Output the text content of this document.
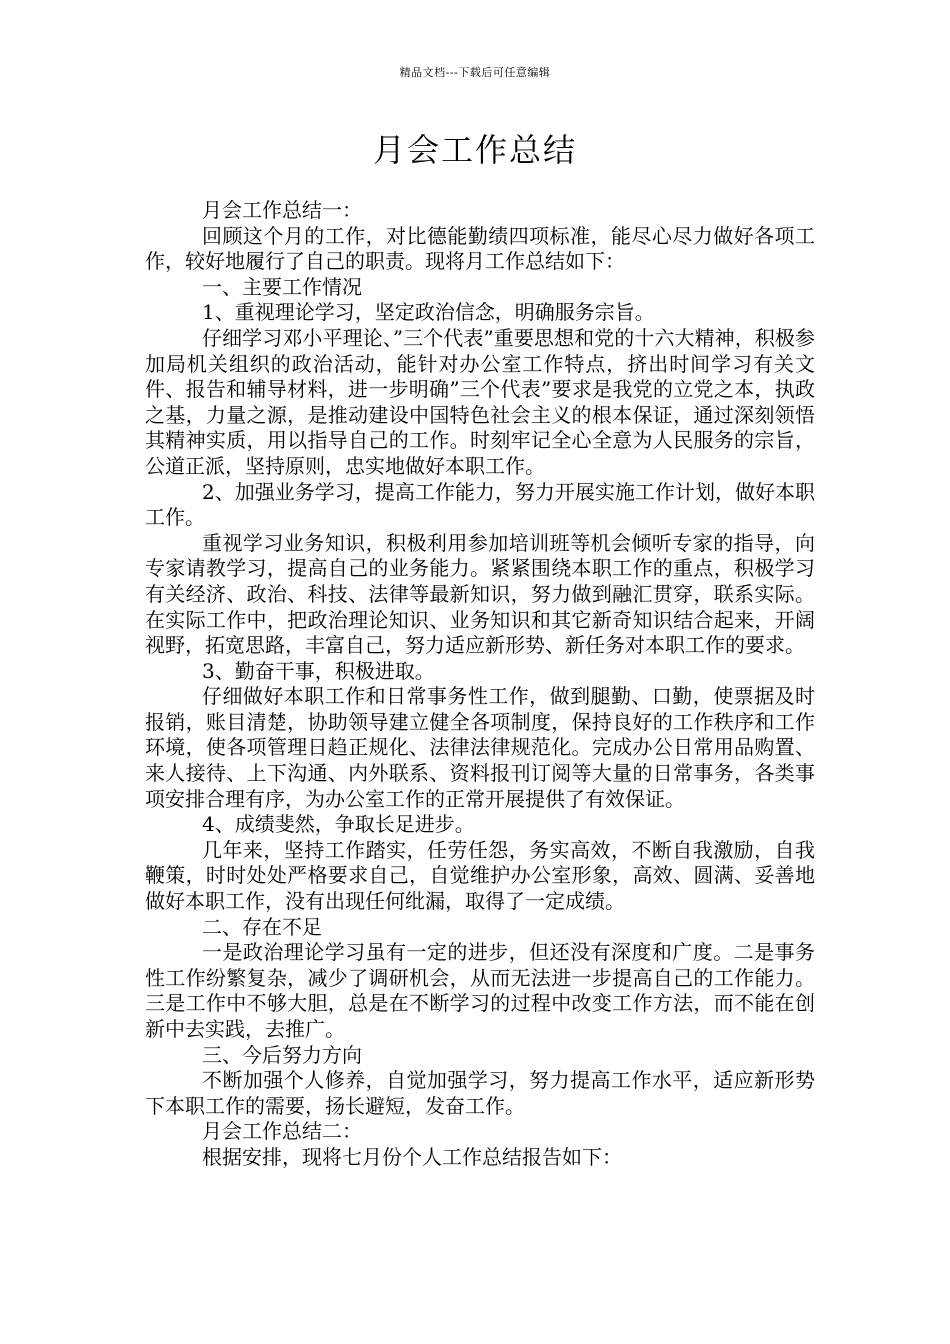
精品文档---下载后可任意编辑
月会工作总结

月会工作总结一：

回顾这个月的工作，对比德能勤绩四项标准，能尽心尽力做好各项工作，较好地履行了自己的职责。现将月工作总结如下：

一、主要工作情况

1、重视理论学习，坚定政治信念，明确服务宗旨。

仔细学习邓小平理论、”三个代表”重要思想和党的十六大精神，积极参加局机关组织的政治活动，能针对办公室工作特点，挤出时间学习有关文件、报告和辅导材料，进一步明确”三个代表”要求是我党的立党之本，执政之基，力量之源，是推动建设中国特色社会主义的根本保证，通过深刻领悟其精神实质，用以指导自己的工作。时刻牢记全心全意为人民服务的宗旨，公道正派，坚持原则，忠实地做好本职工作。

2、加强业务学习，提高工作能力，努力开展实施工作计划，做好本职工作。

重视学习业务知识，积极利用参加培训班等机会倾听专家的指导，向专家请教学习，提高自己的业务能力。紧紧围绕本职工作的重点，积极学习有关经济、政治、科技、法律等最新知识，努力做到融汇贯穿，联系实际。在实际工作中，把政治理论知识、业务知识和其它新奇知识结合起来，开阔视野，拓宽思路，丰富自己，努力适应新形势、新任务对本职工作的要求。

3、勤奋干事，积极进取。

仔细做好本职工作和日常事务性工作，做到腿勤、口勤，使票据及时报销，账目清楚，协助领导建立健全各项制度，保持良好的工作秩序和工作环境，使各项管理日趋正规化、法律法律规范化。完成办公日常用品购置、来人接待、上下沟通、内外联系、资料报刊订阅等大量的日常事务，各类事项安排合理有序，为办公室工作的正常开展提供了有效保证。

4、成绩斐然，争取长足进步。

几年来，坚持工作踏实，任劳任怨，务实高效，不断自我激励，自我鞭策，时时处处严格要求自己，自觉维护办公室形象，高效、圆满、妥善地做好本职工作，没有出现任何纰漏，取得了一定成绩。

二、存在不足

一是政治理论学习虽有一定的进步，但还没有深度和广度。二是事务性工作纷繁复杂，减少了调研机会，从而无法进一步提高自己的工作能力。三是工作中不够大胆，总是在不断学习的过程中改变工作方法，而不能在创新中去实践，去推广。

三、今后努力方向

不断加强个人修养，自觉加强学习，努力提高工作水平，适应新形势下本职工作的需要，扬长避短，发奋工作。

月会工作总结二：

根据安排，现将七月份个人工作总结报告如下：
